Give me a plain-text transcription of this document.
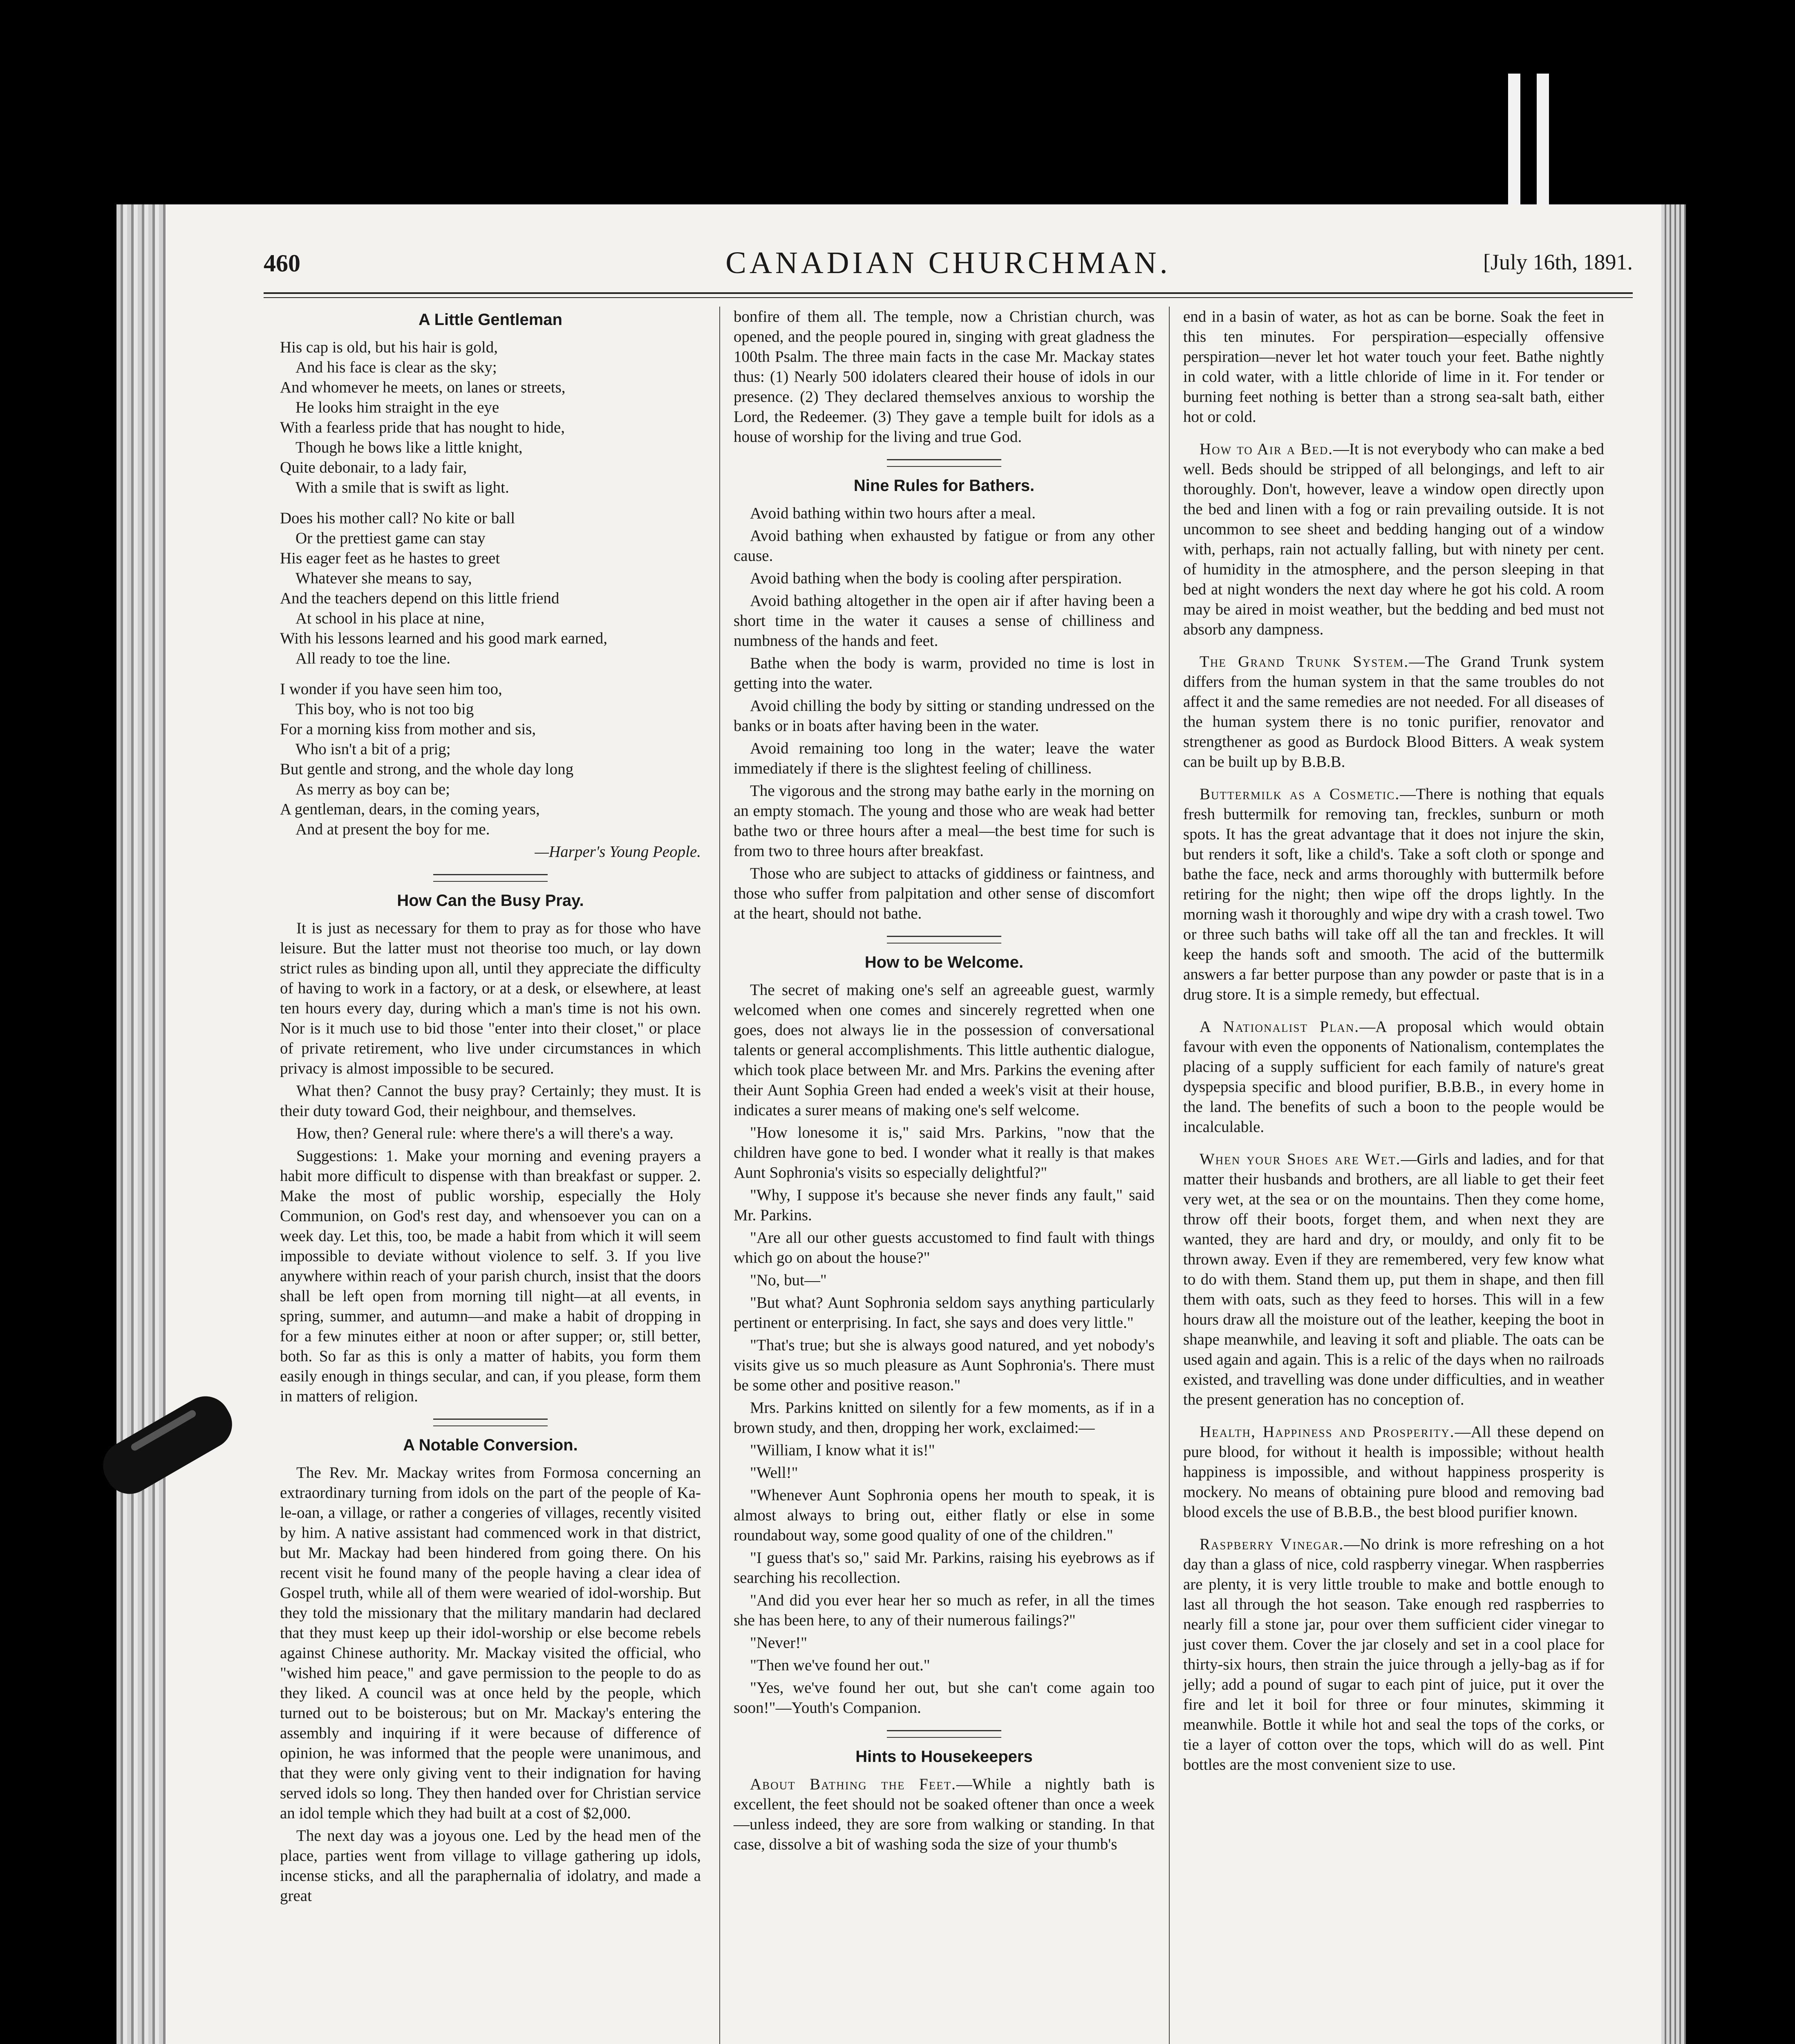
460	CANADIAN CHURCHMAN.	[July 16th, 1891.
A Little Gentleman
His cap is old, but his hair is gold,
And his face is clear as the sky;
And whomever he meets, on lanes or streets,
He looks him straight in the eye
With a fearless pride that has nought to hide,
Though he bows like a little knight,
Quite debonair, to a lady fair,
With a smile that is swift as light.
Does his mother call? No kite or ball
Or the prettiest game can stay
His eager feet as he hastes to greet
Whatever she means to say,
And the teachers depend on this little friend
At school in his place at nine,
With his lessons learned and his good mark earned,
All ready to toe the line.
I wonder if you have seen him too,
This boy, who is not too big
For a morning kiss from mother and sis,
Who isn't a bit of a prig;
But gentle and strong, and the whole day long
As merry as boy can be;
A gentleman, dears, in the coming years,
And at present the boy for me.
—Harper's Young People.
How Can the Busy Pray.

It is just as necessary for them to pray as for those who have leisure. But the latter must not theorise too much, or lay down strict rules as binding upon all, until they appreciate the difficulty of having to work in a factory, or at a desk, or elsewhere, at least ten hours every day, during which a man's time is not his own. Nor is it much use to bid those "enter into their closet," or place of private retirement, who live under circumstances in which privacy is almost impossible to be secured.

What then? Cannot the busy pray? Certainly; they must. It is their duty toward God, their neighbour, and themselves.

How, then? General rule: where there's a will there's a way.

Suggestions: 1. Make your morning and evening prayers a habit more difficult to dispense with than breakfast or supper. 2. Make the most of public worship, especially the Holy Communion, on God's rest day, and whensoever you can on a week day. Let this, too, be made a habit from which it will seem impossible to deviate without violence to self. 3. If you live anywhere within reach of your parish church, insist that the doors shall be left open from morning till night—at all events, in spring, summer, and autumn—and make a habit of dropping in for a few minutes either at noon or after supper; or, still better, both. So far as this is only a matter of habits, you form them easily enough in things secular, and can, if you please, form them in matters of religion.

A Notable Conversion.

The Rev. Mr. Mackay writes from Formosa concerning an extraordinary turning from idols on the part of the people of Ka-le-oan, a village, or rather a congeries of villages, recently visited by him. A native assistant had commenced work in that district, but Mr. Mackay had been hindered from going there. On his recent visit he found many of the people having a clear idea of Gospel truth, while all of them were wearied of idol-worship. But they told the missionary that the military mandarin had declared that they must keep up their idol-worship or else become rebels against Chinese authority. Mr. Mackay visited the official, who "wished him peace," and gave permission to the people to do as they liked. A council was at once held by the people, which turned out to be boisterous; but on Mr. Mackay's entering the assembly and inquiring if it were because of difference of opinion, he was informed that the people were unanimous, and that they were only giving vent to their indignation for having served idols so long. They then handed over for Christian service an idol temple which they had built at a cost of $2,000.

The next day was a joyous one. Led by the head men of the place, parties went from village to village gathering up idols, incense sticks, and all the paraphernalia of idolatry, and made a great

bonfire of them all. The temple, now a Christian church, was opened, and the people poured in, singing with great gladness the 100th Psalm. The three main facts in the case Mr. Mackay states thus: (1) Nearly 500 idolaters cleared their house of idols in our presence. (2) They declared themselves anxious to worship the Lord, the Redeemer. (3) They gave a temple built for idols as a house of worship for the living and true God.

Nine Rules for Bathers.

Avoid bathing within two hours after a meal.

Avoid bathing when exhausted by fatigue or from any other cause.

Avoid bathing when the body is cooling after perspiration.

Avoid bathing altogether in the open air if after having been a short time in the water it causes a sense of chilliness and numbness of the hands and feet.

Bathe when the body is warm, provided no time is lost in getting into the water.

Avoid chilling the body by sitting or standing undressed on the banks or in boats after having been in the water.

Avoid remaining too long in the water; leave the water immediately if there is the slightest feeling of chilliness.

The vigorous and the strong may bathe early in the morning on an empty stomach. The young and those who are weak had better bathe two or three hours after a meal—the best time for such is from two to three hours after breakfast.

Those who are subject to attacks of giddiness or faintness, and those who suffer from palpitation and other sense of discomfort at the heart, should not bathe.

How to be Welcome.

The secret of making one's self an agreeable guest, warmly welcomed when one comes and sincerely regretted when one goes, does not always lie in the possession of conversational talents or general accomplishments. This little authentic dialogue, which took place between Mr. and Mrs. Parkins the evening after their Aunt Sophia Green had ended a week's visit at their house, indicates a surer means of making one's self welcome.

"How lonesome it is," said Mrs. Parkins, "now that the children have gone to bed. I wonder what it really is that makes Aunt Sophronia's visits so especially delightful?"

"Why, I suppose it's because she never finds any fault," said Mr. Parkins.

"Are all our other guests accustomed to find fault with things which go on about the house?"

"No, but—"

"But what? Aunt Sophronia seldom says anything particularly pertinent or enterprising. In fact, she says and does very little."

"That's true; but she is always good natured, and yet nobody's visits give us so much pleasure as Aunt Sophronia's. There must be some other and positive reason."

Mrs. Parkins knitted on silently for a few moments, as if in a brown study, and then, dropping her work, exclaimed:—

"William, I know what it is!"

"Well!"

"Whenever Aunt Sophronia opens her mouth to speak, it is almost always to bring out, either flatly or else in some roundabout way, some good quality of one of the children."

"I guess that's so," said Mr. Parkins, raising his eyebrows as if searching his recollection.

"And did you ever hear her so much as refer, in all the times she has been here, to any of their numerous failings?"

"Never!"

"Then we've found her out."

"Yes, we've found her out, but she can't come again too soon!"—Youth's Companion.

Hints to Housekeepers

About Bathing the Feet.—While a nightly bath is excellent, the feet should not be soaked oftener than once a week—unless indeed, they are sore from walking or standing. In that case, dissolve a bit of washing soda the size of your thumb's

end in a basin of water, as hot as can be borne. Soak the feet in this ten minutes. For perspiration—especially offensive perspiration—never let hot water touch your feet. Bathe nightly in cold water, with a little chloride of lime in it. For tender or burning feet nothing is better than a strong sea-salt bath, either hot or cold.

How to Air a Bed.—It is not everybody who can make a bed well. Beds should be stripped of all belongings, and left to air thoroughly. Don't, however, leave a window open directly upon the bed and linen with a fog or rain prevailing outside. It is not uncommon to see sheet and bedding hanging out of a window with, perhaps, rain not actually falling, but with ninety per cent. of humidity in the atmosphere, and the person sleeping in that bed at night wonders the next day where he got his cold. A room may be aired in moist weather, but the bedding and bed must not absorb any dampness.

The Grand Trunk System.—The Grand Trunk system differs from the human system in that the same troubles do not affect it and the same remedies are not needed. For all diseases of the human system there is no tonic purifier, renovator and strengthener as good as Burdock Blood Bitters. A weak system can be built up by B.B.B.

Buttermilk as a Cosmetic.—There is nothing that equals fresh buttermilk for removing tan, freckles, sunburn or moth spots. It has the great advantage that it does not injure the skin, but renders it soft, like a child's. Take a soft cloth or sponge and bathe the face, neck and arms thoroughly with buttermilk before retiring for the night; then wipe off the drops lightly. In the morning wash it thoroughly and wipe dry with a crash towel. Two or three such baths will take off all the tan and freckles. It will keep the hands soft and smooth. The acid of the buttermilk answers a far better purpose than any powder or paste that is in a drug store. It is a simple remedy, but effectual.

A Nationalist Plan.—A proposal which would obtain favour with even the opponents of Nationalism, contemplates the placing of a supply sufficient for each family of nature's great dyspepsia specific and blood purifier, B.B.B., in every home in the land. The benefits of such a boon to the people would be incalculable.

When your Shoes are Wet.—Girls and ladies, and for that matter their husbands and brothers, are all liable to get their feet very wet, at the sea or on the mountains. Then they come home, throw off their boots, forget them, and when next they are wanted, they are hard and dry, or mouldy, and only fit to be thrown away. Even if they are remembered, very few know what to do with them. Stand them up, put them in shape, and then fill them with oats, such as they feed to horses. This will in a few hours draw all the moisture out of the leather, keeping the boot in shape meanwhile, and leaving it soft and pliable. The oats can be used again and again. This is a relic of the days when no railroads existed, and travelling was done under difficulties, and in weather the present generation has no conception of.

Health, Happiness and Prosperity.—All these depend on pure blood, for without it health is impossible; without health happiness is impossible, and without happiness prosperity is mockery. No means of obtaining pure blood and removing bad blood excels the use of B.B.B., the best blood purifier known.

Raspberry Vinegar.—No drink is more refreshing on a hot day than a glass of nice, cold raspberry vinegar. When raspberries are plenty, it is very little trouble to make and bottle enough to last all through the hot season. Take enough red raspberries to nearly fill a stone jar, pour over them sufficient cider vinegar to just cover them. Cover the jar closely and set in a cool place for thirty-six hours, then strain the juice through a jelly-bag as if for jelly; add a pound of sugar to each pint of juice, put it over the fire and let it boil for three or four minutes, skimming it meanwhile. Bottle it while hot and seal the tops of the corks, or tie a layer of cotton over the tops, which will do as well. Pint bottles are the most convenient size to use.
